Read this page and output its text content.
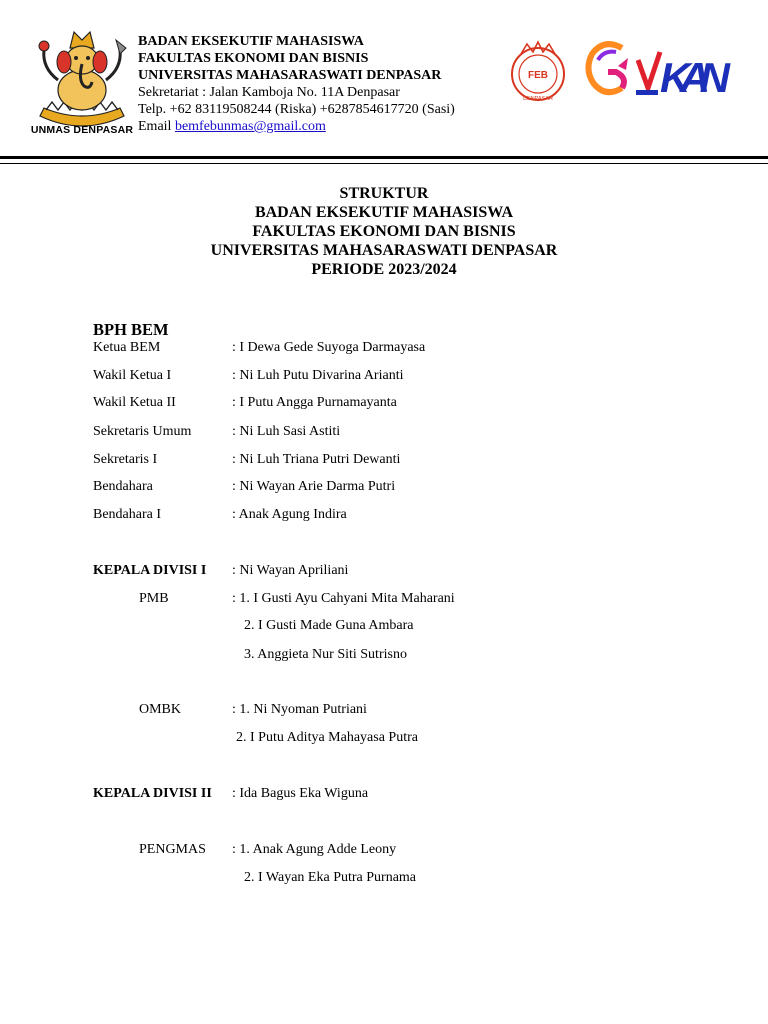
UNMAS DENPASAR
BADAN EKSEKUTIF MAHASISWA
FAKULTAS EKONOMI DAN BISNIS
UNIVERSITAS MAHASARASWATI DENPASAR
Sekretariat : Jalan Kamboja No. 11A Denpasar
Telp. +62 83119508244 (Riska) +6287854617720 (Sasi)
Email bemfebunmas@gmail.com
FEB
DENPASAR	KAN
STRUKTUR
BADAN EKSEKUTIF MAHASISWA
FAKULTAS EKONOMI DAN BISNIS
UNIVERSITAS MAHASARASWATI DENPASAR
PERIODE 2023/2024
BPH BEM
Ketua BEM	: I Dewa Gede Suyoga Darmayasa
Wakil Ketua I	: Ni Luh Putu Divarina Arianti
Wakil Ketua II	: I Putu Angga Purnamayanta
Sekretaris Umum	: Ni Luh Sasi Astiti
Sekretaris I	: Ni Luh Triana Putri Dewanti
Bendahara	: Ni Wayan Arie Darma Putri
Bendahara I	: Anak Agung Indira
KEPALA DIVISI I : Ni Wayan Apriliani
PMB	: 1. I Gusti Ayu Cahyani Mita Maharani
2. I Gusti Made Guna Ambara
3. Anggieta Nur Siti Sutrisno
OMBK	: 1. Ni Nyoman Putriani
2. I Putu Aditya Mahayasa Putra
KEPALA DIVISI II : Ida Bagus Eka Wiguna
PENGMAS : 1. Anak Agung Adde Leony
2. I Wayan Eka Putra Purnama
